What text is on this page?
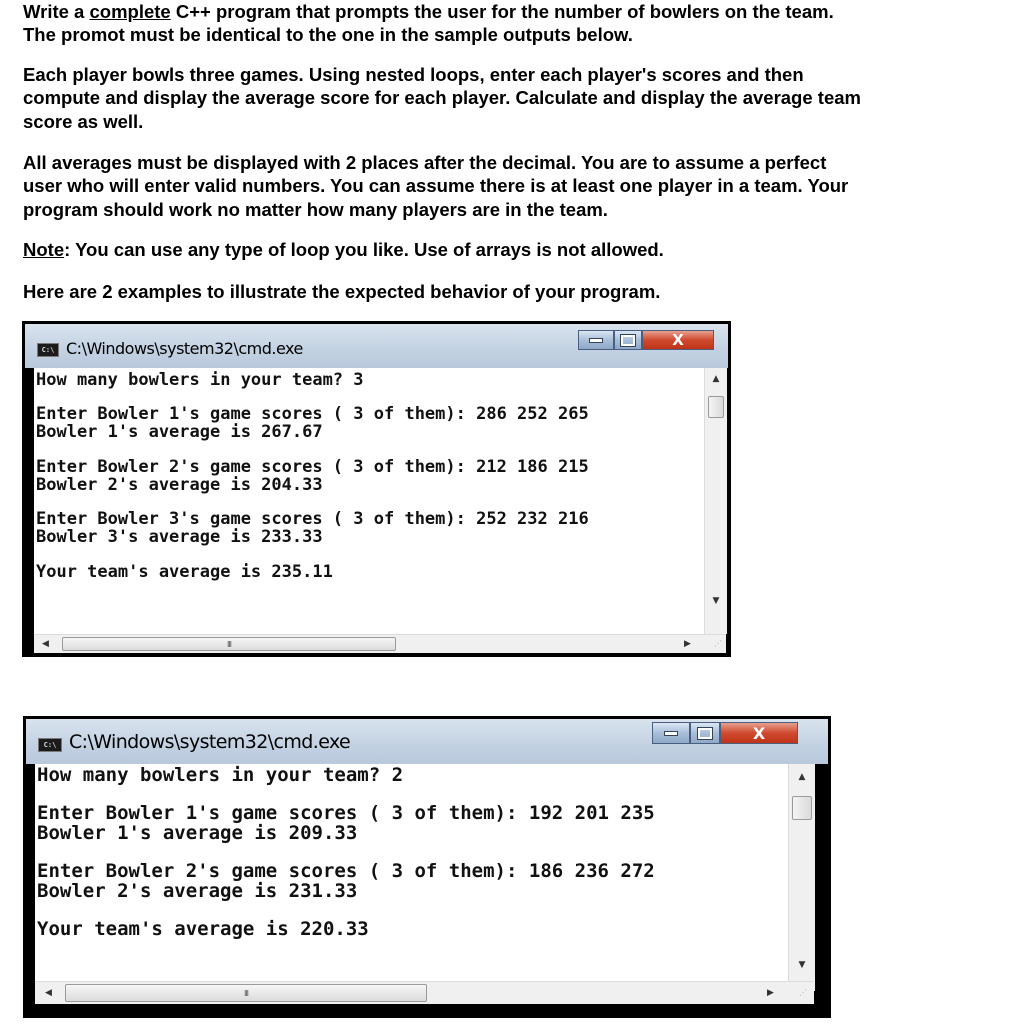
Write a complete C++ program that prompts the user for the number of bowlers on the team.

The promot must be identical to the one in the sample outputs below.

Each player bowls three games. Using nested loops, enter each player's scores and then

compute and display the average score for each player. Calculate and display the average team

score as well.

All averages must be displayed with 2 places after the decimal. You are to assume a perfect

user who will enter valid numbers. You can assume there is at least one player in a team. Your

program should work no matter how many players are in the team.

Note: You can use any type of loop you like. Use of arrays is not allowed.

Here are 2 examples to illustrate the expected behavior of your program.

C:\ C:\Windows\system32\cmd.exe	X

How many bowlers in your team? 3

Enter Bowler 1's game scores ( 3 of them): 286 252 265

Bowler 1's average is 267.67

Enter Bowler 2's game scores ( 3 of them): 212 186 215

Bowler 2's average is 204.33

Enter Bowler 3's game scores ( 3 of them): 252 232 216

Bowler 3's average is 233.33

Your team's average is 235.11

▲
▼
◀	III	▶	⋰
C:\ C:\Windows\system32\cmd.exe	X

How many bowlers in your team? 2

Enter Bowler 1's game scores ( 3 of them): 192 201 235

Bowler 1's average is 209.33

Enter Bowler 2's game scores ( 3 of them): 186 236 272

Bowler 2's average is 231.33

Your team's average is 220.33

▲
▼
◀	III	▶	⋰
